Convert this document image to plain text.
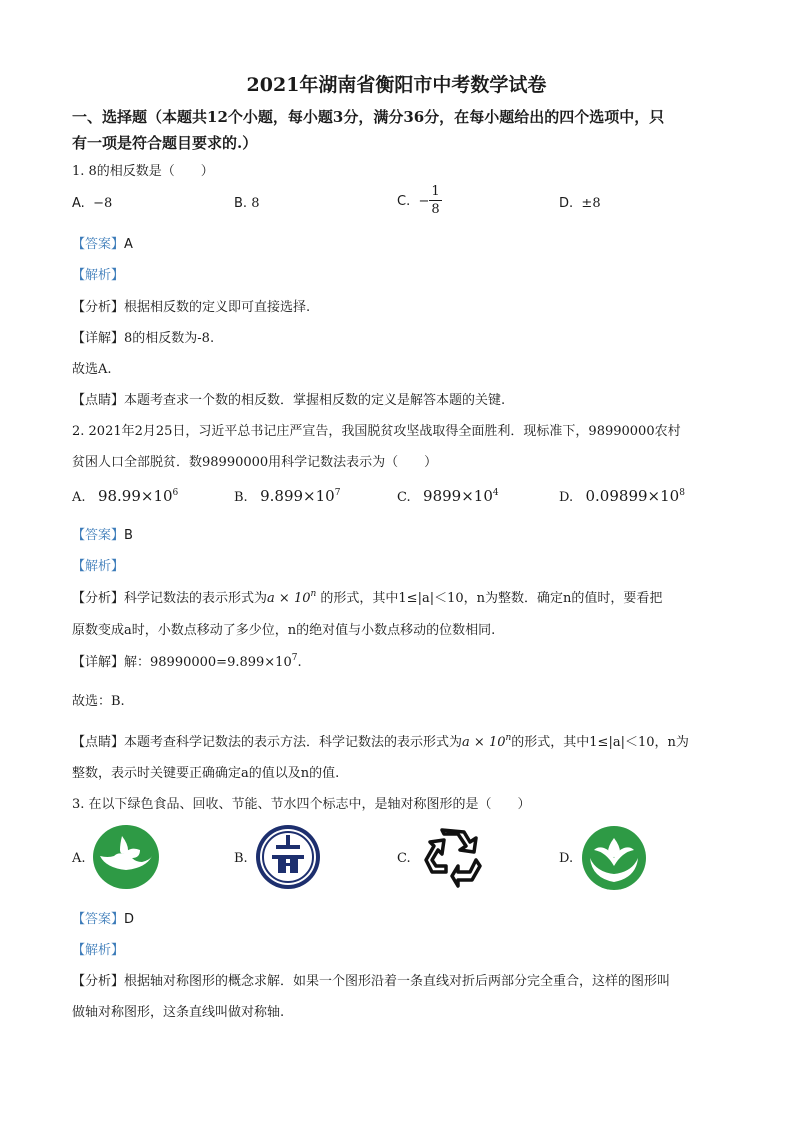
2021年湖南省衡阳市中考数学试卷
一、选择题（本题共12个小题，每小题3分，满分36分，在每小题给出的四个选项中，只
有一项是符合题目要求的.）
1. 8的相反数是（　　）
A. −8	B. 8	C. − $\frac{1}{8}$	D. ±8
【答案】A
【解析】
【分析】根据相反数的定义即可直接选择.
【详解】8的相反数为-8.
故选A.
【点睛】本题考查求一个数的相反数．掌握相反数的定义是解答本题的关键.
2. 2021年2月25日，习近平总书记庄严宣告，我国脱贫攻坚战取得全面胜利．现标准下，98990000农村
贫困人口全部脱贫．数98990000用科学记数法表示为（　　）
A. $98.99\times 10^6$	B. $9.899\times 10^7$	C. $9899\times 10^4$	D. $0.09899\times 10^8$
【答案】B
【解析】
【分析】科学记数法的表示形式为$a \times 10^n$ 的形式，其中1≤|a|＜10，n为整数．确定n的值时，要看把
原数变成a时，小数点移动了多少位，n的绝对值与小数点移动的位数相同.
【详解】解：$98990000=9.899\times 10^7$.
故选：B.
【点睛】本题考查科学记数法的表示方法．科学记数法的表示形式为$a \times 10^n$的形式，其中1≤|a|＜10，n为
整数，表示时关键要正确确定a的值以及n的值.
3. 在以下绿色食品、回收、节能、节水四个标志中，是轴对称图形的是（　　）
A.	B.	C.	D.
【答案】D
【解析】
【分析】根据轴对称图形的概念求解．如果一个图形沿着一条直线对折后两部分完全重合，这样的图形叫
做轴对称图形，这条直线叫做对称轴.
